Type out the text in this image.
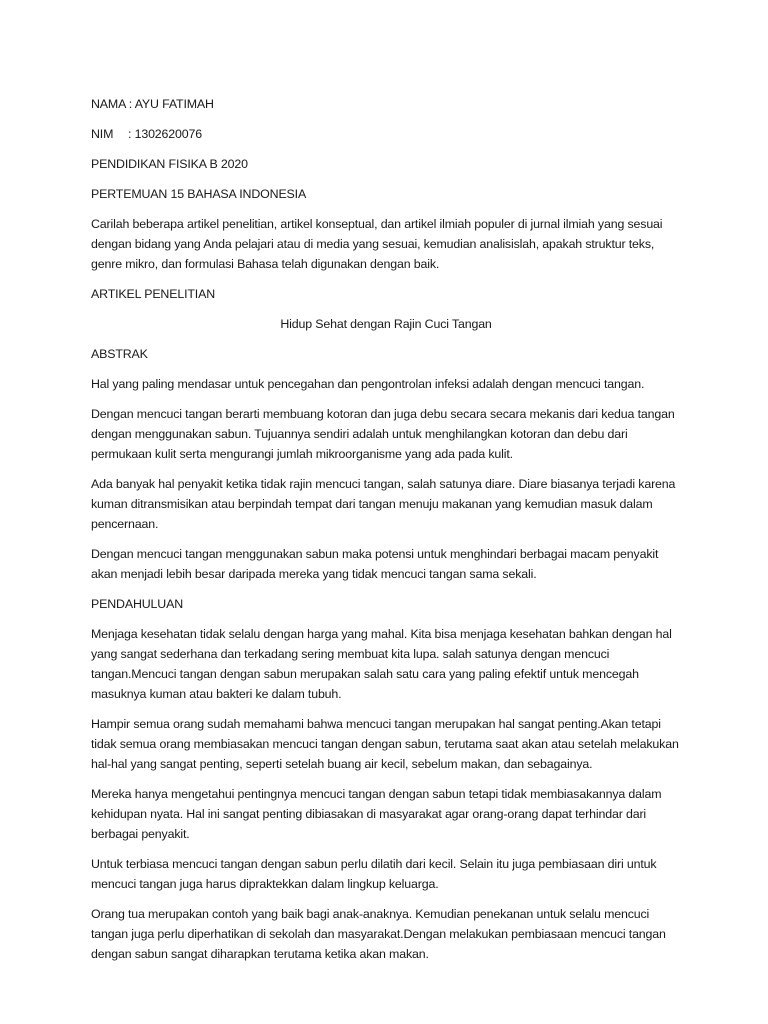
NAMA : AYU FATIMAH
NIM : 1302620076
PENDIDIKAN FISIKA B 2020
PERTEMUAN 15 BAHASA INDONESIA

Carilah beberapa artikel penelitian, artikel konseptual, dan artikel ilmiah populer di jurnal ilmiah yang sesuai dengan bidang yang Anda pelajari atau di media yang sesuai, kemudian analisislah, apakah struktur teks, genre mikro, dan formulasi Bahasa telah digunakan dengan baik.

ARTIKEL PENELITIAN
Hidup Sehat dengan Rajin Cuci Tangan
ABSTRAK

Hal yang paling mendasar untuk pencegahan dan pengontrolan infeksi adalah dengan mencuci tangan.

Dengan mencuci tangan berarti membuang kotoran dan juga debu secara secara mekanis dari kedua tangan dengan menggunakan sabun. Tujuannya sendiri adalah untuk menghilangkan kotoran dan debu dari permukaan kulit serta mengurangi jumlah mikroorganisme yang ada pada kulit.

Ada banyak hal penyakit ketika tidak rajin mencuci tangan, salah satunya diare. Diare biasanya terjadi karena kuman ditransmisikan atau berpindah tempat dari tangan menuju makanan yang kemudian masuk dalam pencernaan.

Dengan mencuci tangan menggunakan sabun maka potensi untuk menghindari berbagai macam penyakit akan menjadi lebih besar daripada mereka yang tidak mencuci tangan sama sekali.

PENDAHULUAN

Menjaga kesehatan tidak selalu dengan harga yang mahal. Kita bisa menjaga kesehatan bahkan dengan hal yang sangat sederhana dan terkadang sering membuat kita lupa. salah satunya dengan mencuci tangan.Mencuci tangan dengan sabun merupakan salah satu cara yang paling efektif untuk mencegah masuknya kuman atau bakteri ke dalam tubuh.

Hampir semua orang sudah memahami bahwa mencuci tangan merupakan hal sangat penting.Akan tetapi tidak semua orang membiasakan mencuci tangan dengan sabun, terutama saat akan atau setelah melakukan hal-hal yang sangat penting, seperti setelah buang air kecil, sebelum makan, dan sebagainya.

Mereka hanya mengetahui pentingnya mencuci tangan dengan sabun tetapi tidak membiasakannya dalam kehidupan nyata. Hal ini sangat penting dibiasakan di masyarakat agar orang-orang dapat terhindar dari berbagai penyakit.

Untuk terbiasa mencuci tangan dengan sabun perlu dilatih dari kecil. Selain itu juga pembiasaan diri untuk mencuci tangan juga harus dipraktekkan dalam lingkup keluarga.

Orang tua merupakan contoh yang baik bagi anak-anaknya. Kemudian penekanan untuk selalu mencuci tangan juga perlu diperhatikan di sekolah dan masyarakat.Dengan melakukan pembiasaan mencuci tangan dengan sabun sangat diharapkan terutama ketika akan makan.
